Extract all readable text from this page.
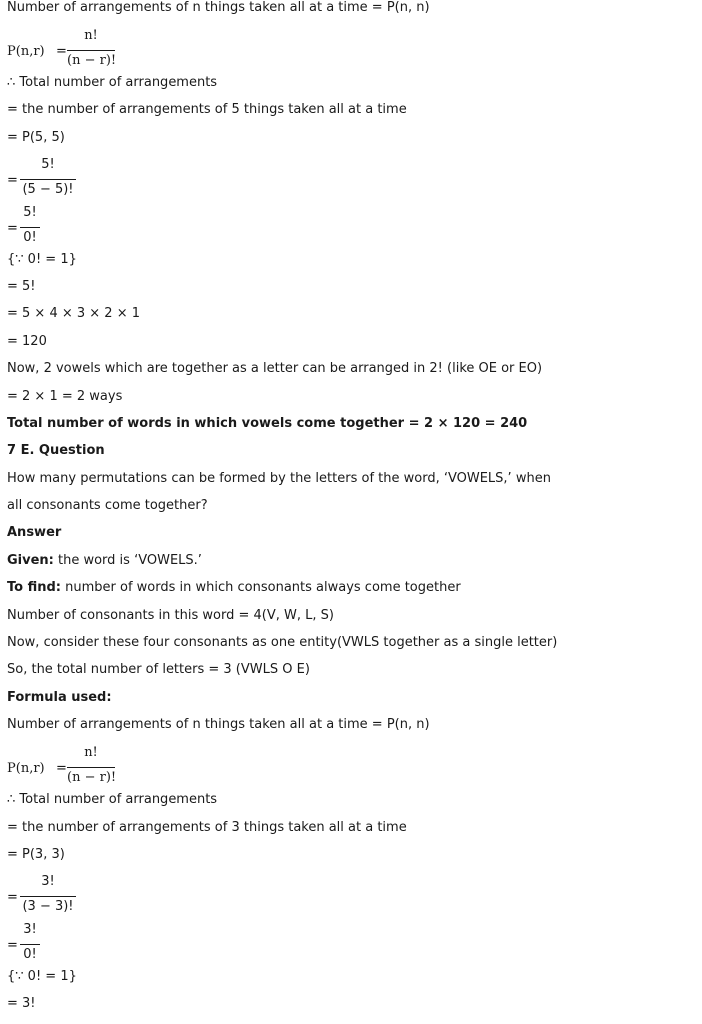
Number of arrangements of n things taken all at a time = P(n, n)
P(n,r) =
n!
(n − r)!
∴ Total number of arrangements
= the number of arrangements of 5 things taken all at a time
= P(5, 5)
=
5!
(5 − 5)!
=
5!
0!
{∵ 0! = 1}
= 5!
= 5 × 4 × 3 × 2 × 1
= 120
Now, 2 vowels which are together as a letter can be arranged in 2! (like OE or EO)
= 2 × 1 = 2 ways
Total number of words in which vowels come together = 2 × 120 = 240
7 E. Question
How many permutations can be formed by the letters of the word, ‘VOWELS,’ when
all consonants come together?
Answer
Given: the word is ‘VOWELS.’
To find: number of words in which consonants always come together
Number of consonants in this word = 4(V, W, L, S)
Now, consider these four consonants as one entity(VWLS together as a single letter)
So, the total number of letters = 3 (VWLS O E)
Formula used:
Number of arrangements of n things taken all at a time = P(n, n)
P(n,r) =
n!
(n − r)!
∴ Total number of arrangements
= the number of arrangements of 3 things taken all at a time
= P(3, 3)
=
3!
(3 − 3)!
=
3!
0!
{∵ 0! = 1}
= 3!
